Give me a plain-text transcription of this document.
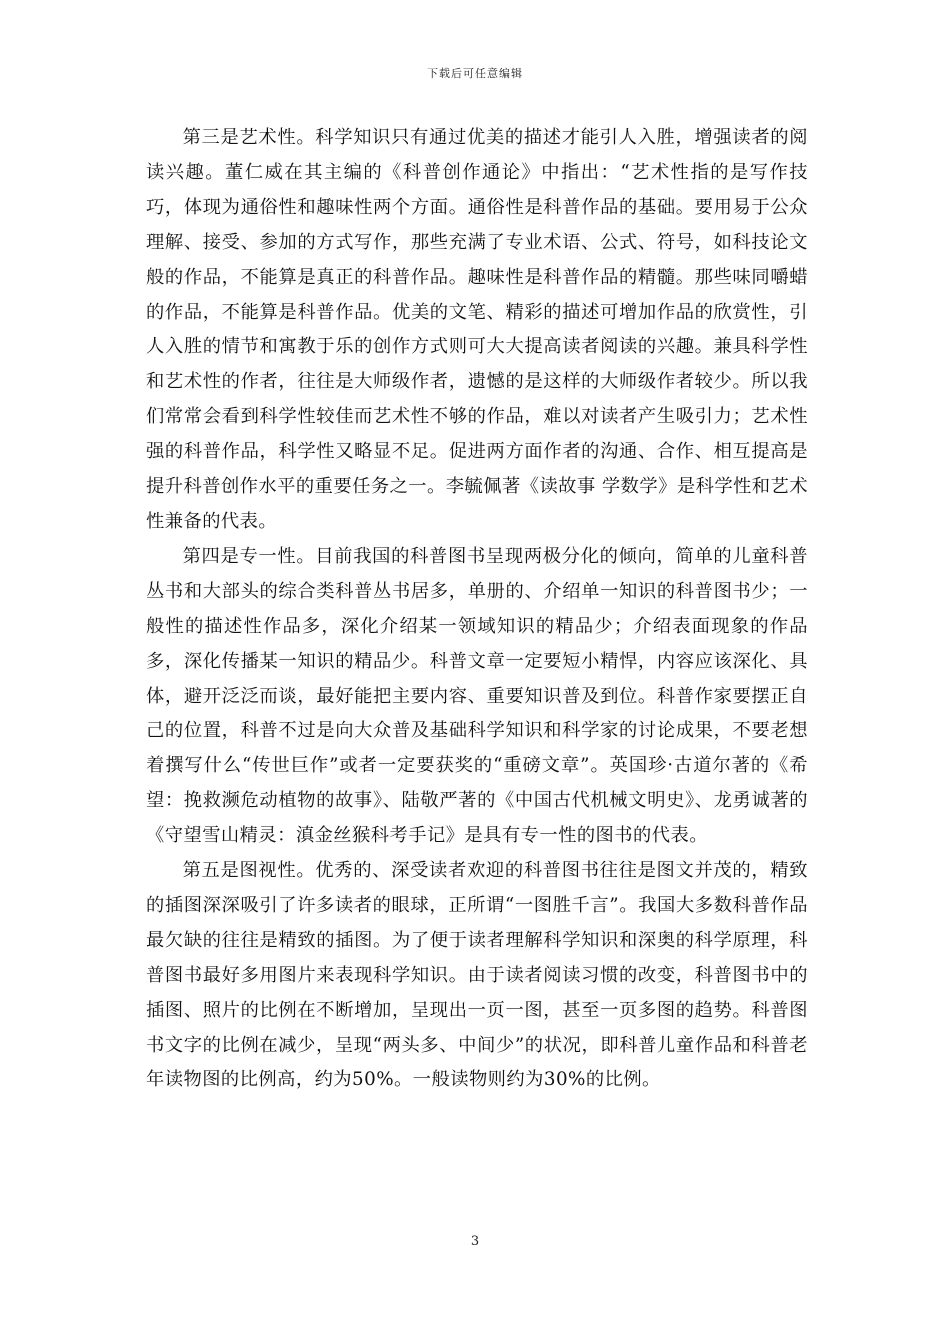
下载后可任意编辑

第三是艺术性。科学知识只有通过优美的描述才能引人入胜，增强读者的阅读兴趣。董仁威在其主编的《科普创作通论》中指出：“艺术性指的是写作技巧，体现为通俗性和趣味性两个方面。通俗性是科普作品的基础。要用易于公众理解、接受、参加的方式写作，那些充满了专业术语、公式、符号，如科技论文般的作品，不能算是真正的科普作品。趣味性是科普作品的精髓。那些味同嚼蜡的作品，不能算是科普作品。优美的文笔、精彩的描述可增加作品的欣赏性，引人入胜的情节和寓教于乐的创作方式则可大大提高读者阅读的兴趣。兼具科学性和艺术性的作者，往往是大师级作者，遗憾的是这样的大师级作者较少。所以我们常常会看到科学性较佳而艺术性不够的作品，难以对读者产生吸引力；艺术性强的科普作品，科学性又略显不足。促进两方面作者的沟通、合作、相互提高是提升科普创作水平的重要任务之一。李毓佩著《读故事 学数学》是科学性和艺术性兼备的代表。

第四是专一性。目前我国的科普图书呈现两极分化的倾向，简单的儿童科普丛书和大部头的综合类科普丛书居多，单册的、介绍单一知识的科普图书少；一般性的描述性作品多，深化介绍某一领域知识的精品少；介绍表面现象的作品多，深化传播某一知识的精品少。科普文章一定要短小精悍，内容应该深化、具体，避开泛泛而谈，最好能把主要内容、重要知识普及到位。科普作家要摆正自己的位置，科普不过是向大众普及基础科学知识和科学家的讨论成果，不要老想着撰写什么“传世巨作”或者一定要获奖的“重磅文章”。英国珍·古道尔著的《希望：挽救濒危动植物的故事》、陆敬严著的《中国古代机械文明史》、龙勇诚著的《守望雪山精灵：滇金丝猴科考手记》是具有专一性的图书的代表。

第五是图视性。优秀的、深受读者欢迎的科普图书往往是图文并茂的，精致的插图深深吸引了许多读者的眼球，正所谓“一图胜千言”。我国大多数科普作品最欠缺的往往是精致的插图。为了便于读者理解科学知识和深奥的科学原理，科普图书最好多用图片来表现科学知识。由于读者阅读习惯的改变，科普图书中的插图、照片的比例在不断增加，呈现出一页一图，甚至一页多图的趋势。科普图书文字的比例在减少，呈现“两头多、中间少”的状况，即科普儿童作品和科普老年读物图的比例高，约为50%。一般读物则约为30%的比例。

3
